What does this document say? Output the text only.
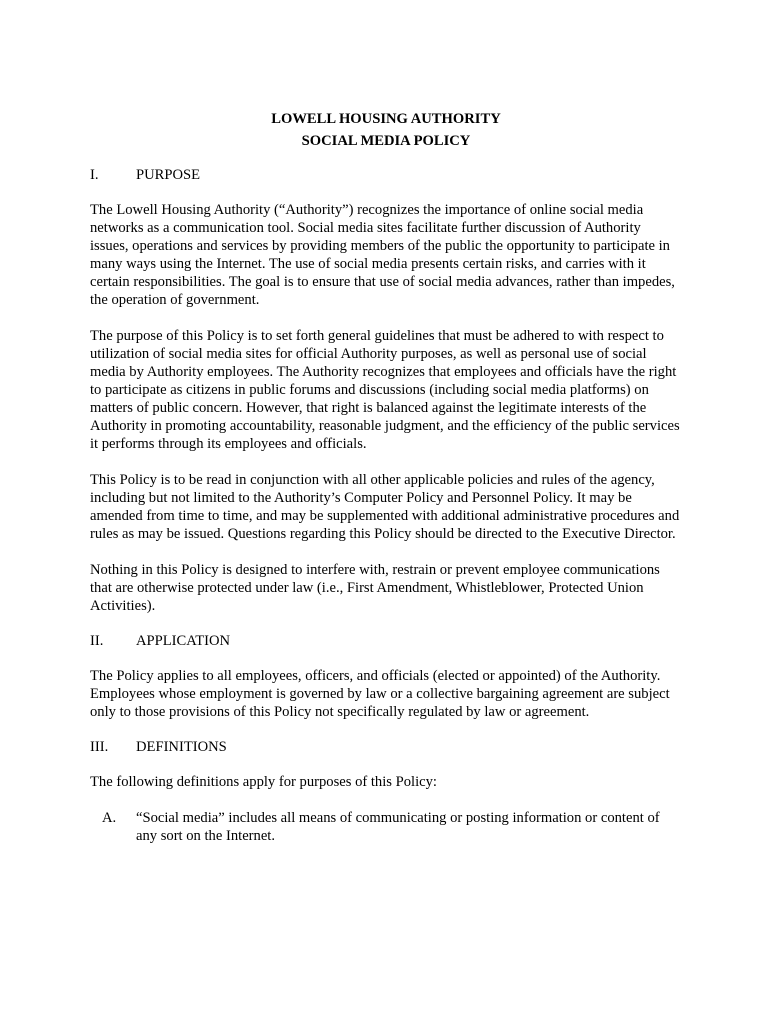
LOWELL HOUSING AUTHORITY
SOCIAL MEDIA POLICY
I.	PURPOSE

The Lowell Housing Authority (“Authority”) recognizes the importance of online social media networks as a communication tool. Social media sites facilitate further discussion of Authority issues, operations and services by providing members of the public the opportunity to participate in many ways using the Internet. The use of social media presents certain risks, and carries with it certain responsibilities. The goal is to ensure that use of social media advances, rather than impedes, the operation of government.

The purpose of this Policy is to set forth general guidelines that must be adhered to with respect to utilization of social media sites for official Authority purposes, as well as personal use of social media by Authority employees. The Authority recognizes that employees and officials have the right to participate as citizens in public forums and discussions (including social media platforms) on matters of public concern. However, that right is balanced against the legitimate interests of the Authority in promoting accountability, reasonable judgment, and the efficiency of the public services it performs through its employees and officials.

This Policy is to be read in conjunction with all other applicable policies and rules of the agency, including but not limited to the Authority’s Computer Policy and Personnel Policy. It may be amended from time to time, and may be supplemented with additional administrative procedures and rules as may be issued. Questions regarding this Policy should be directed to the Executive Director.

Nothing in this Policy is designed to interfere with, restrain or prevent employee communications that are otherwise protected under law (i.e., First Amendment, Whistleblower, Protected Union Activities).

II.	APPLICATION

The Policy applies to all employees, officers, and officials (elected or appointed) of the Authority. Employees whose employment is governed by law or a collective bargaining agreement are subject only to those provisions of this Policy not specifically regulated by law or agreement.

III.	DEFINITIONS

The following definitions apply for purposes of this Policy:

A.	“Social media” includes all means of communicating or posting information or content of any sort on the Internet.
